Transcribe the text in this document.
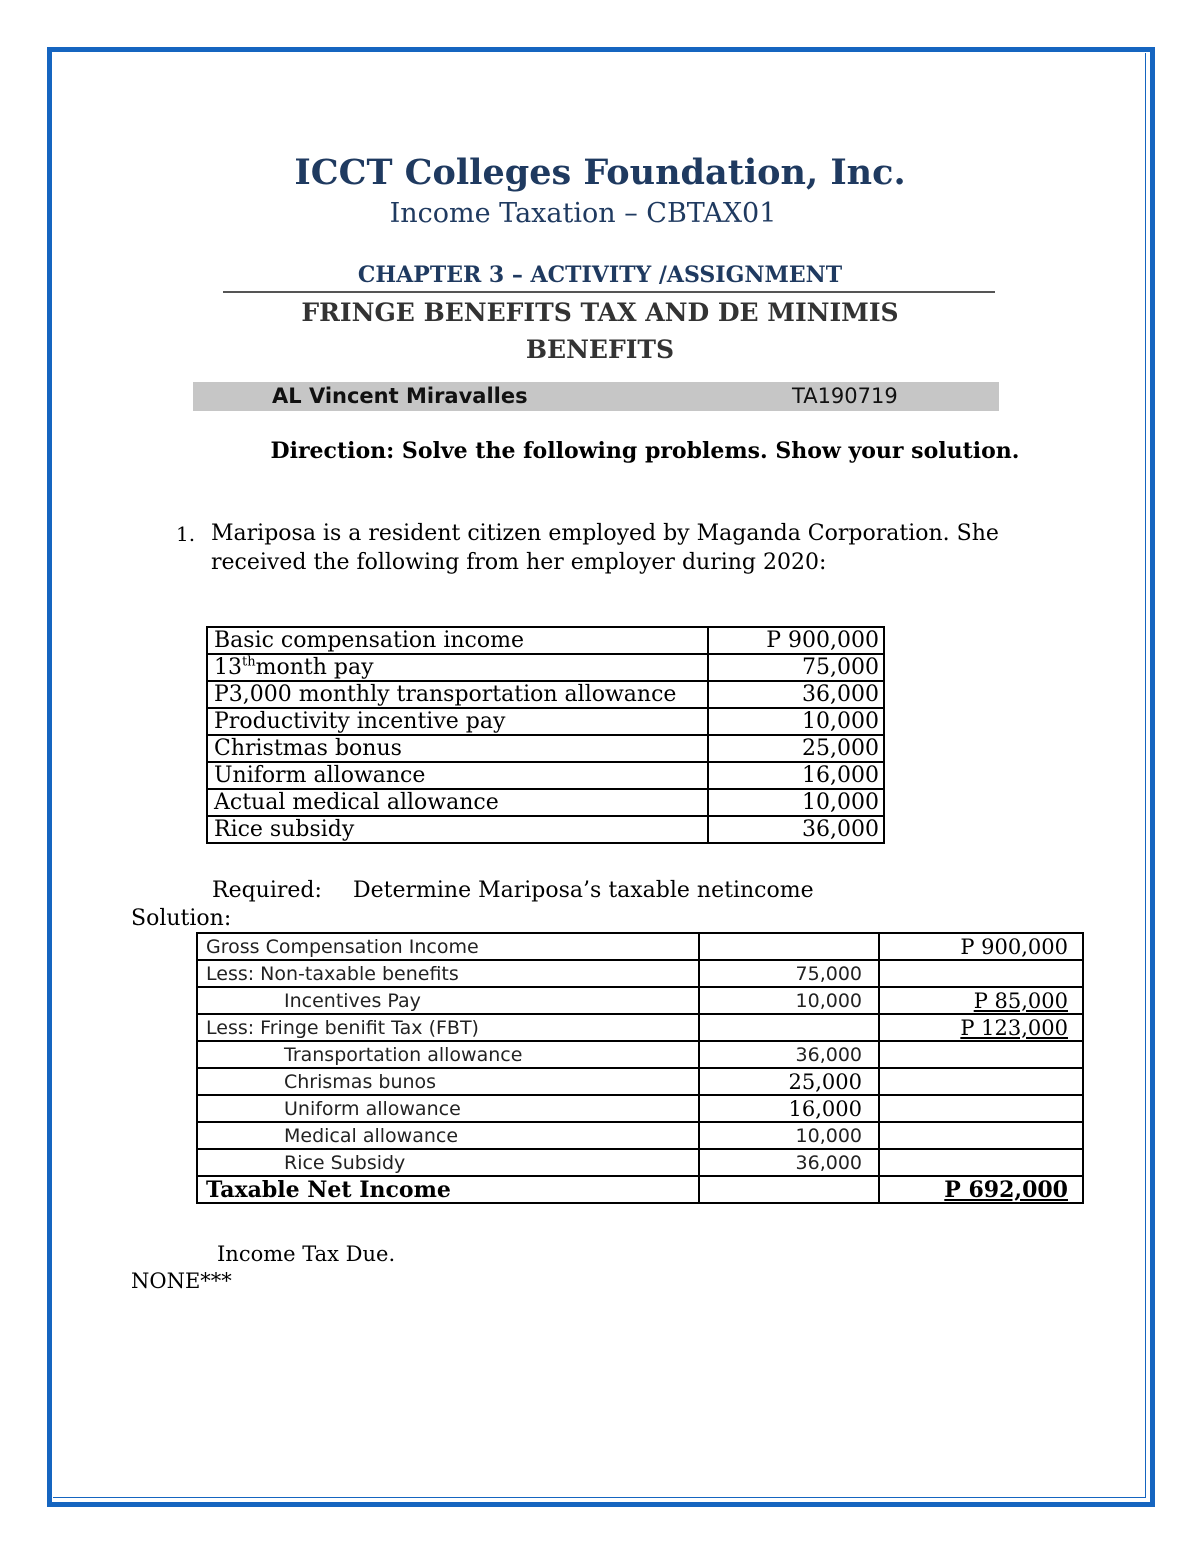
ICCT Colleges Foundation, Inc.
Income Taxation – CBTAX01
CHAPTER 3 – ACTIVITY /ASSIGNMENT
FRINGE BENEFITS TAX AND DE MINIMIS
BENEFITS
AL Vincent Miravalles	TA190719
Direction: Solve the following problems. Show your solution.
1. Mariposa is a resident citizen employed by Maganda Corporation. She received the following from her employer during 2020:
Basic compensation income	P 900,000
13thmonth pay	75,000
P3,000 monthly transportation allowance	36,000
Productivity incentive pay	10,000
Christmas bonus	25,000
Uniform allowance	16,000
Actual medical allowance	10,000
Rice subsidy	36,000
Required: Determine Mariposa’s taxable netincome
Solution:
Gross Compensation Income		P 900,000
Less: Non-taxable benefits	75,000	
Incentives Pay	10,000	P 85,000
Less: Fringe benifit Tax (FBT)		P 123,000
Transportation allowance	36,000	
Chrismas bunos	25,000	
Uniform allowance	16,000	
Medical allowance	10,000	
Rice Subsidy	36,000	
Taxable Net Income		P 692,000
Income Tax Due.
NONE***
